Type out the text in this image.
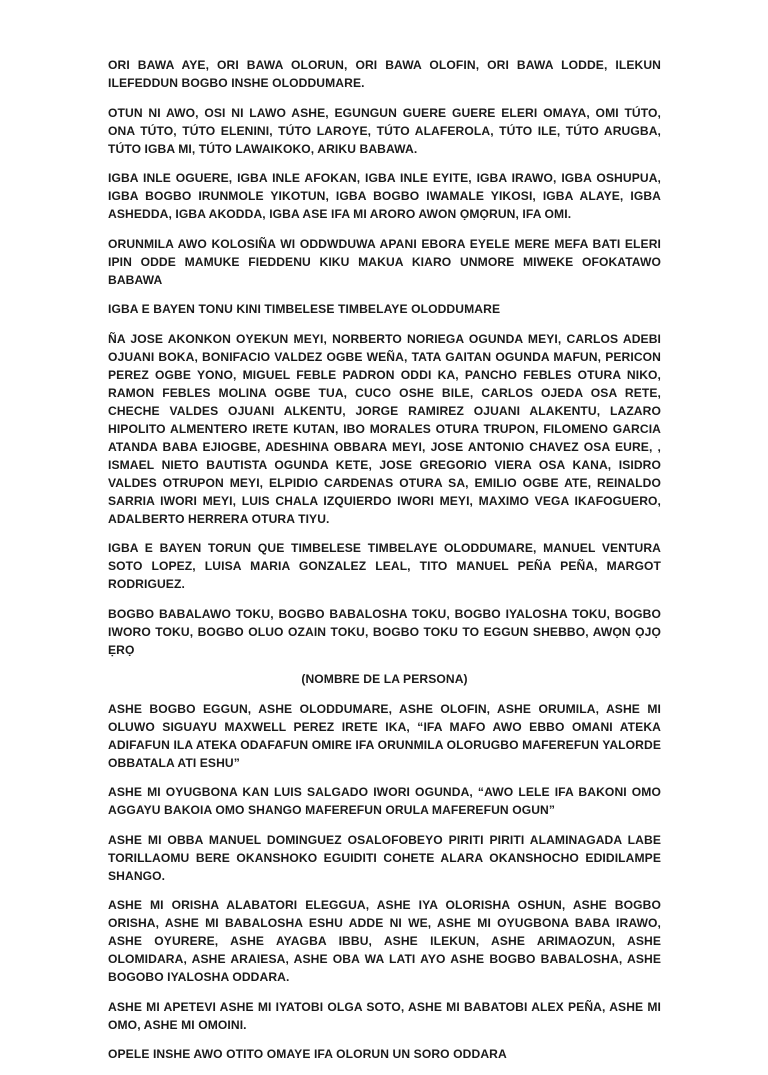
ORI BAWA AYE, ORI BAWA OLORUN, ORI BAWA OLOFIN, ORI BAWA LODDE, ILEKUN ILEFEDDUN BOGBO INSHE OLODDUMARE.

OTUN NI AWO, OSI NI LAWO ASHE, EGUNGUN GUERE GUERE ELERI OMAYA, OMI TÚTO, ONA TÚTO, TÚTO ELENINI, TÚTO LAROYE, TÚTO ALAFEROLA, TÚTO ILE, TÚTO ARUGBA, TÚTO IGBA MI, TÚTO LAWAIKOKO, ARIKU BABAWA.

IGBA INLE OGUERE, IGBA INLE AFOKAN, IGBA INLE EYITE, IGBA IRAWO, IGBA OSHUPUA, IGBA BOGBO IRUNMOLE YIKOTUN, IGBA BOGBO IWAMALE YIKOSI, IGBA ALAYE, IGBA ASHEDDA, IGBA AKODDA, IGBA ASE IFA MI ARORO AWON ỌMỌRUN, IFA OMI.

ORUNMILA AWO KOLOSIÑA WI ODDWDUWA APANI EBORA EYELE MERE MEFA BATI ELERI IPIN ODDE MAMUKE FIEDDENU KIKU MAKUA KIARO UNMORE MIWEKE OFOKATAWO BABAWA

IGBA E BAYEN TONU KINI TIMBELESE TIMBELAYE OLODDUMARE

ÑA JOSE AKONKON OYEKUN MEYI, NORBERTO NORIEGA OGUNDA MEYI, CARLOS ADEBI OJUANI BOKA, BONIFACIO VALDEZ OGBE WEÑA, TATA GAITAN OGUNDA MAFUN, PERICON PEREZ OGBE YONO, MIGUEL FEBLE PADRON ODDI KA, PANCHO FEBLES OTURA NIKO, RAMON FEBLES MOLINA OGBE TUA, CUCO OSHE BILE, CARLOS OJEDA OSA RETE, CHECHE VALDES OJUANI ALKENTU, JORGE RAMIREZ OJUANI ALAKENTU, LAZARO HIPOLITO ALMENTERO IRETE KUTAN, IBO MORALES OTURA TRUPON, FILOMENO GARCIA ATANDA BABA EJIOGBE, ADESHINA OBBARA MEYI, JOSE ANTONIO CHAVEZ OSA EURE, , ISMAEL NIETO BAUTISTA OGUNDA KETE, JOSE GREGORIO VIERA OSA KANA, ISIDRO VALDES OTRUPON MEYI, ELPIDIO CARDENAS OTURA SA, EMILIO OGBE ATE, REINALDO SARRIA IWORI MEYI, LUIS CHALA IZQUIERDO IWORI MEYI, MAXIMO VEGA IKAFOGUERO, ADALBERTO HERRERA OTURA TIYU.

IGBA E BAYEN TORUN QUE TIMBELESE TIMBELAYE OLODDUMARE, MANUEL VENTURA SOTO LOPEZ, LUISA MARIA GONZALEZ LEAL, TITO MANUEL PEÑA PEÑA, MARGOT RODRIGUEZ.

BOGBO BABALAWO TOKU, BOGBO BABALOSHA TOKU, BOGBO IYALOSHA TOKU, BOGBO IWORO TOKU, BOGBO OLUO OZAIN TOKU, BOGBO TOKU TO EGGUN SHEBBO, AWỌN ỌJỌ ẸRỌ

(NOMBRE DE LA PERSONA)

ASHE BOGBO EGGUN, ASHE OLODDUMARE, ASHE OLOFIN, ASHE ORUMILA, ASHE MI OLUWO SIGUAYU MAXWELL PEREZ IRETE IKA, “IFA MAFO AWO EBBO OMANI ATEKA ADIFAFUN ILA ATEKA ODAFAFUN OMIRE IFA ORUNMILA OLORUGBO MAFEREFUN YALORDE OBBATALA ATI ESHU”

ASHE MI OYUGBONA KAN LUIS SALGADO IWORI OGUNDA, “AWO LELE IFA BAKONI OMO AGGAYU BAKOIA OMO SHANGO MAFEREFUN ORULA MAFEREFUN OGUN”

ASHE MI OBBA MANUEL DOMINGUEZ OSALOFOBEYO PIRITI PIRITI ALAMINAGADA LABE TORILLAOMU BERE OKANSHOKO EGUIDITI COHETE ALARA OKANSHOCHO EDIDILAMPE SHANGO.

ASHE MI ORISHA ALABATORI ELEGGUA, ASHE IYA OLORISHA OSHUN, ASHE BOGBO ORISHA, ASHE MI BABALOSHA ESHU ADDE NI WE, ASHE MI OYUGBONA BABA IRAWO, ASHE OYURERE, ASHE AYAGBA IBBU, ASHE ILEKUN, ASHE ARIMAOZUN, ASHE OLOMIDARA, ASHE ARAIESA, ASHE OBA WA LATI AYO ASHE BOGBO BABALOSHA, ASHE BOGOBO IYALOSHA ODDARA.

ASHE MI APETEVI ASHE MI IYATOBI OLGA SOTO, ASHE MI BABATOBI ALEX PEÑA, ASHE MI OMO, ASHE MI OMOINI.

OPELE INSHE AWO OTITO OMAYE IFA OLORUN UN SORO ODDARA
